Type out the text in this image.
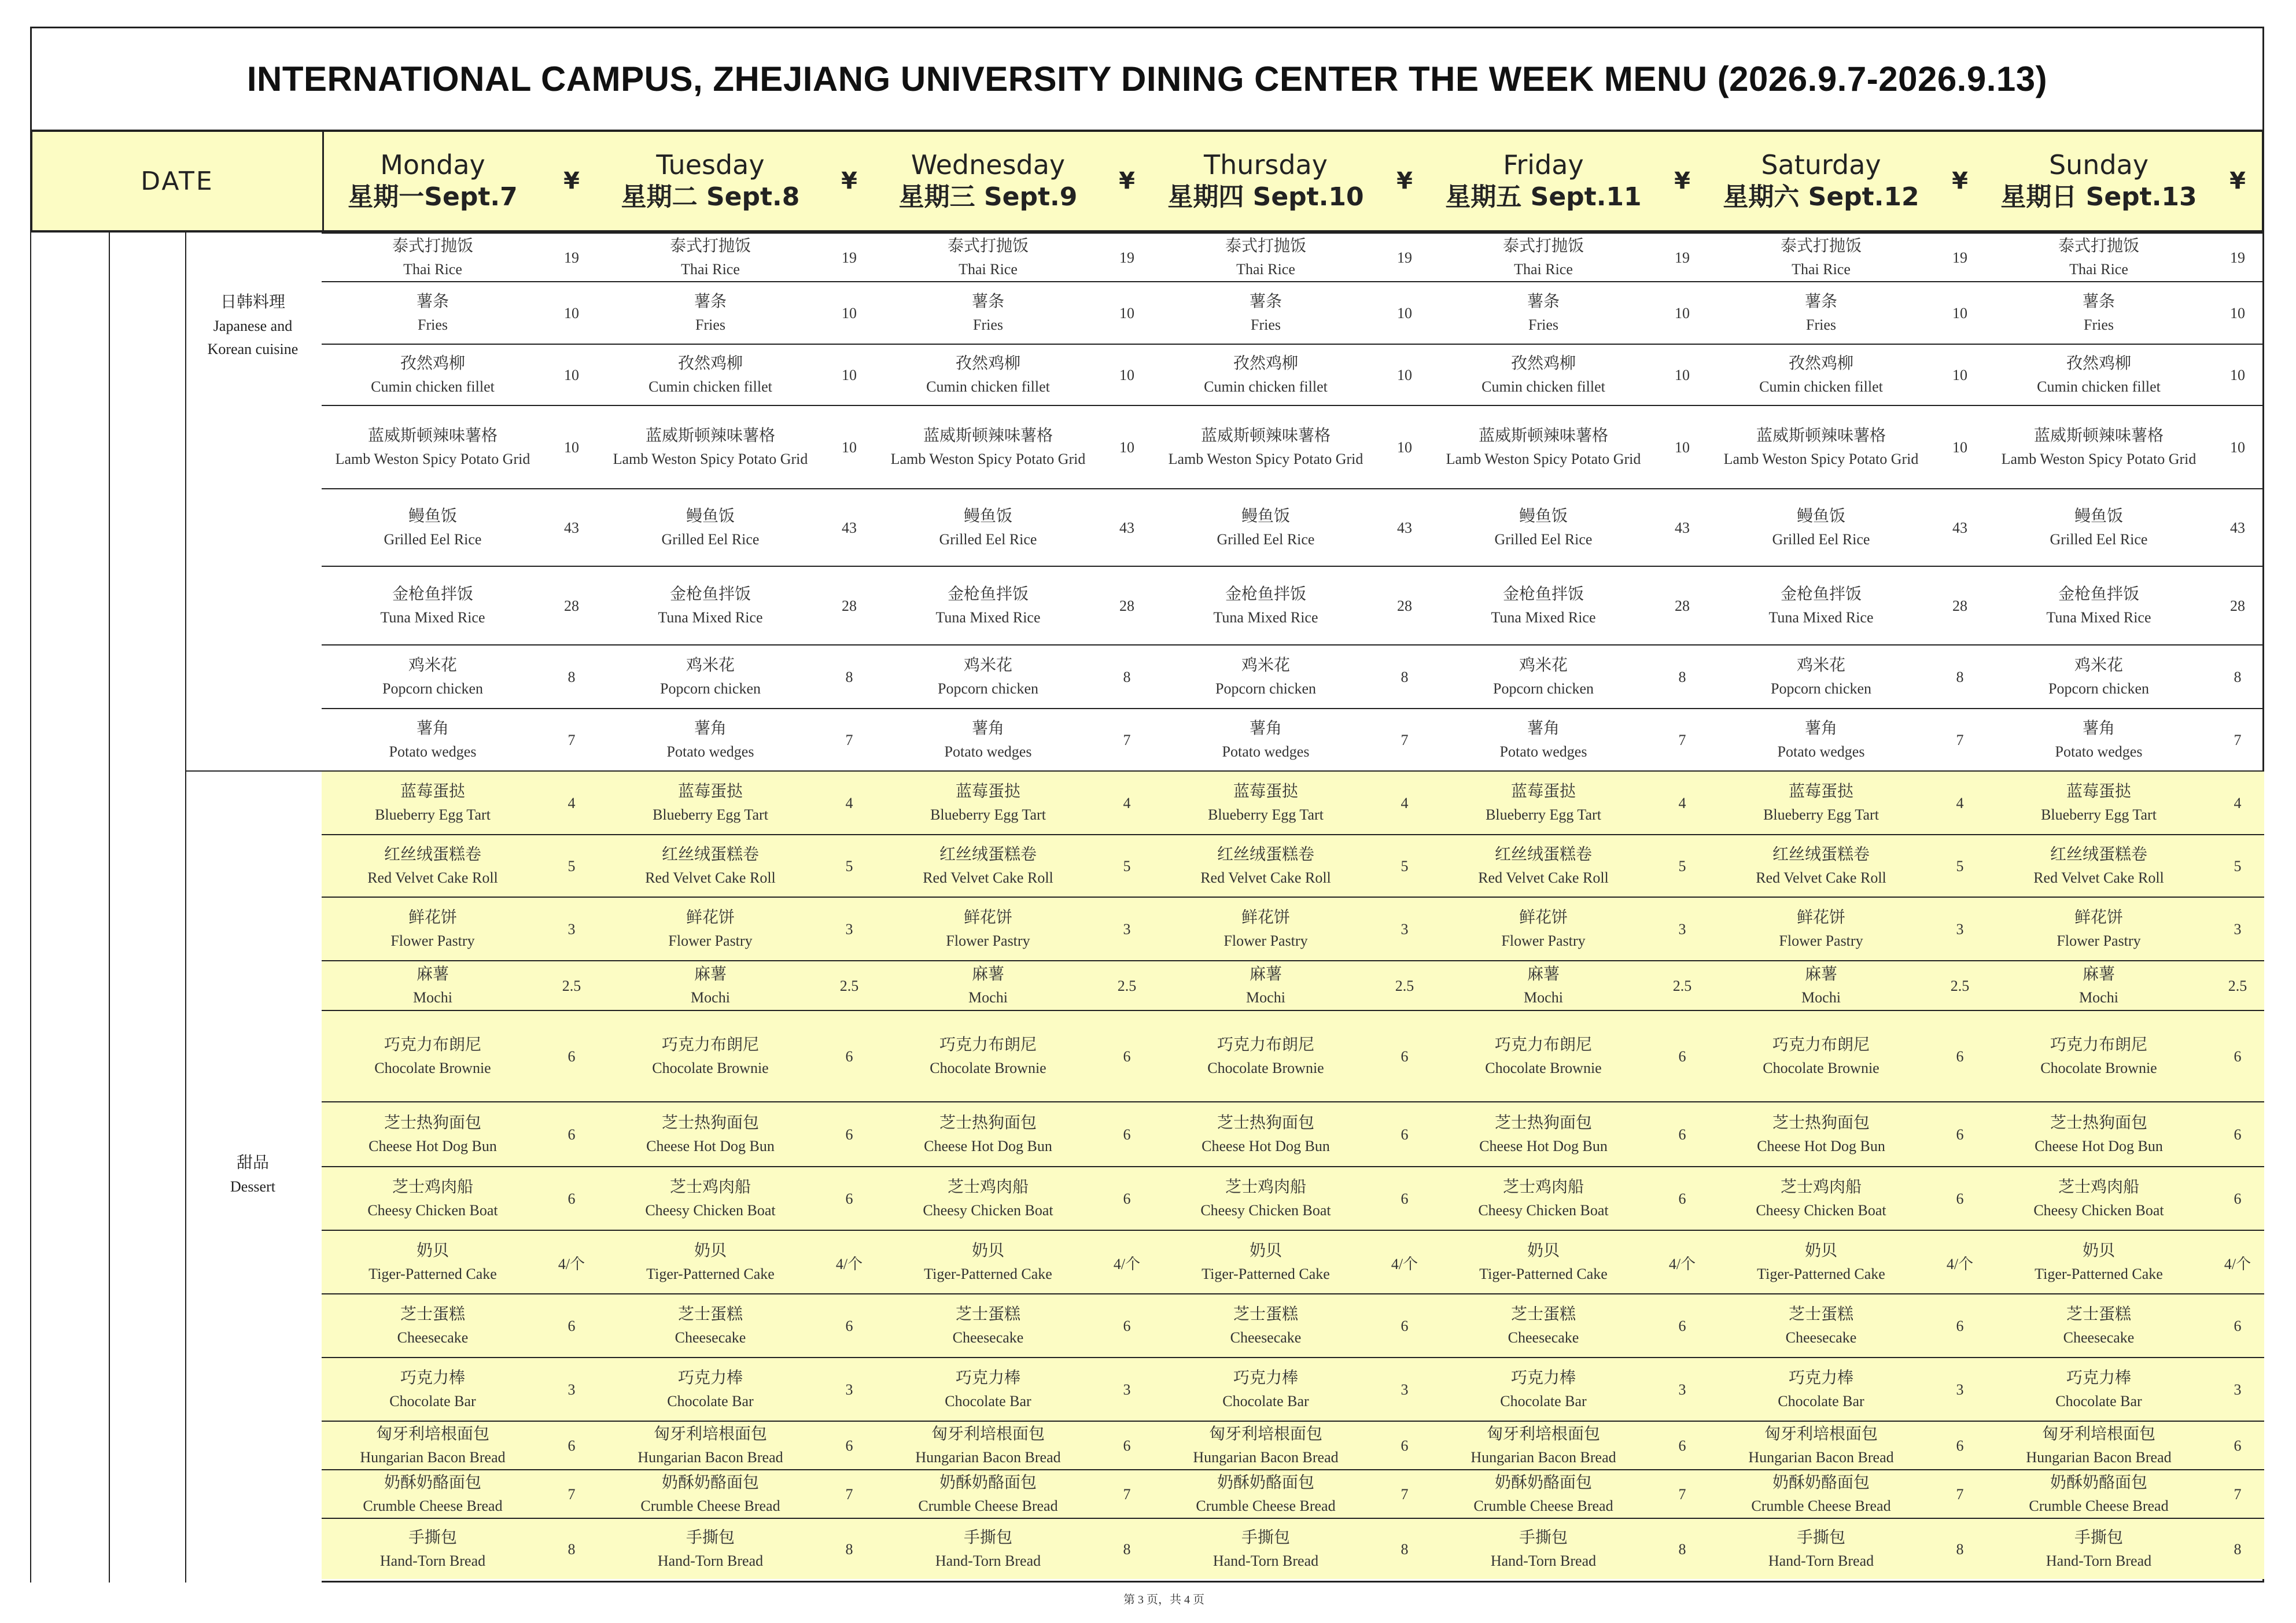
INTERNATIONAL CAMPUS, ZHEJIANG UNIVERSITY DINING CENTER THE WEEK MENU (2026.9.7-2026.9.13)
DATE
Monday
星期一Sept.7
¥
Tuesday
星期二 Sept.8
¥
Wednesday
星期三 Sept.9
¥
Thursday
星期四 Sept.10
¥
Friday
星期五 Sept.11
¥
Saturday
星期六 Sept.12
¥
Sunday
星期日 Sept.13
¥
日韩料理
Japanese and Korean cuisine
甜品
Dessert
泰式打抛饭
Thai Rice
19
泰式打抛饭
Thai Rice
19
泰式打抛饭
Thai Rice
19
泰式打抛饭
Thai Rice
19
泰式打抛饭
Thai Rice
19
泰式打抛饭
Thai Rice
19
泰式打抛饭
Thai Rice
19
薯条
Fries
10
薯条
Fries
10
薯条
Fries
10
薯条
Fries
10
薯条
Fries
10
薯条
Fries
10
薯条
Fries
10
孜然鸡柳
Cumin chicken fillet
10
孜然鸡柳
Cumin chicken fillet
10
孜然鸡柳
Cumin chicken fillet
10
孜然鸡柳
Cumin chicken fillet
10
孜然鸡柳
Cumin chicken fillet
10
孜然鸡柳
Cumin chicken fillet
10
孜然鸡柳
Cumin chicken fillet
10
蓝威斯顿辣味薯格
Lamb Weston Spicy Potato Grid
10
蓝威斯顿辣味薯格
Lamb Weston Spicy Potato Grid
10
蓝威斯顿辣味薯格
Lamb Weston Spicy Potato Grid
10
蓝威斯顿辣味薯格
Lamb Weston Spicy Potato Grid
10
蓝威斯顿辣味薯格
Lamb Weston Spicy Potato Grid
10
蓝威斯顿辣味薯格
Lamb Weston Spicy Potato Grid
10
蓝威斯顿辣味薯格
Lamb Weston Spicy Potato Grid
10
鳗鱼饭
Grilled Eel Rice
43
鳗鱼饭
Grilled Eel Rice
43
鳗鱼饭
Grilled Eel Rice
43
鳗鱼饭
Grilled Eel Rice
43
鳗鱼饭
Grilled Eel Rice
43
鳗鱼饭
Grilled Eel Rice
43
鳗鱼饭
Grilled Eel Rice
43
金枪鱼拌饭
Tuna Mixed Rice
28
金枪鱼拌饭
Tuna Mixed Rice
28
金枪鱼拌饭
Tuna Mixed Rice
28
金枪鱼拌饭
Tuna Mixed Rice
28
金枪鱼拌饭
Tuna Mixed Rice
28
金枪鱼拌饭
Tuna Mixed Rice
28
金枪鱼拌饭
Tuna Mixed Rice
28
鸡米花
Popcorn chicken
8
鸡米花
Popcorn chicken
8
鸡米花
Popcorn chicken
8
鸡米花
Popcorn chicken
8
鸡米花
Popcorn chicken
8
鸡米花
Popcorn chicken
8
鸡米花
Popcorn chicken
8
薯角
Potato wedges
7
薯角
Potato wedges
7
薯角
Potato wedges
7
薯角
Potato wedges
7
薯角
Potato wedges
7
薯角
Potato wedges
7
薯角
Potato wedges
7
蓝莓蛋挞
Blueberry Egg Tart
4
蓝莓蛋挞
Blueberry Egg Tart
4
蓝莓蛋挞
Blueberry Egg Tart
4
蓝莓蛋挞
Blueberry Egg Tart
4
蓝莓蛋挞
Blueberry Egg Tart
4
蓝莓蛋挞
Blueberry Egg Tart
4
蓝莓蛋挞
Blueberry Egg Tart
4
红丝绒蛋糕卷
Red Velvet Cake Roll
5
红丝绒蛋糕卷
Red Velvet Cake Roll
5
红丝绒蛋糕卷
Red Velvet Cake Roll
5
红丝绒蛋糕卷
Red Velvet Cake Roll
5
红丝绒蛋糕卷
Red Velvet Cake Roll
5
红丝绒蛋糕卷
Red Velvet Cake Roll
5
红丝绒蛋糕卷
Red Velvet Cake Roll
5
鲜花饼
Flower Pastry
3
鲜花饼
Flower Pastry
3
鲜花饼
Flower Pastry
3
鲜花饼
Flower Pastry
3
鲜花饼
Flower Pastry
3
鲜花饼
Flower Pastry
3
鲜花饼
Flower Pastry
3
麻薯
Mochi
2.5
麻薯
Mochi
2.5
麻薯
Mochi
2.5
麻薯
Mochi
2.5
麻薯
Mochi
2.5
麻薯
Mochi
2.5
麻薯
Mochi
2.5
巧克力布朗尼
Chocolate Brownie
6
巧克力布朗尼
Chocolate Brownie
6
巧克力布朗尼
Chocolate Brownie
6
巧克力布朗尼
Chocolate Brownie
6
巧克力布朗尼
Chocolate Brownie
6
巧克力布朗尼
Chocolate Brownie
6
巧克力布朗尼
Chocolate Brownie
6
芝士热狗面包
Cheese Hot Dog Bun
6
芝士热狗面包
Cheese Hot Dog Bun
6
芝士热狗面包
Cheese Hot Dog Bun
6
芝士热狗面包
Cheese Hot Dog Bun
6
芝士热狗面包
Cheese Hot Dog Bun
6
芝士热狗面包
Cheese Hot Dog Bun
6
芝士热狗面包
Cheese Hot Dog Bun
6
芝士鸡肉船
Cheesy Chicken Boat
6
芝士鸡肉船
Cheesy Chicken Boat
6
芝士鸡肉船
Cheesy Chicken Boat
6
芝士鸡肉船
Cheesy Chicken Boat
6
芝士鸡肉船
Cheesy Chicken Boat
6
芝士鸡肉船
Cheesy Chicken Boat
6
芝士鸡肉船
Cheesy Chicken Boat
6
奶贝
Tiger-Patterned Cake
4/个
奶贝
Tiger-Patterned Cake
4/个
奶贝
Tiger-Patterned Cake
4/个
奶贝
Tiger-Patterned Cake
4/个
奶贝
Tiger-Patterned Cake
4/个
奶贝
Tiger-Patterned Cake
4/个
奶贝
Tiger-Patterned Cake
4/个
芝士蛋糕
Cheesecake
6
芝士蛋糕
Cheesecake
6
芝士蛋糕
Cheesecake
6
芝士蛋糕
Cheesecake
6
芝士蛋糕
Cheesecake
6
芝士蛋糕
Cheesecake
6
芝士蛋糕
Cheesecake
6
巧克力棒
Chocolate Bar
3
巧克力棒
Chocolate Bar
3
巧克力棒
Chocolate Bar
3
巧克力棒
Chocolate Bar
3
巧克力棒
Chocolate Bar
3
巧克力棒
Chocolate Bar
3
巧克力棒
Chocolate Bar
3
匈牙利培根面包
Hungarian Bacon Bread
6
匈牙利培根面包
Hungarian Bacon Bread
6
匈牙利培根面包
Hungarian Bacon Bread
6
匈牙利培根面包
Hungarian Bacon Bread
6
匈牙利培根面包
Hungarian Bacon Bread
6
匈牙利培根面包
Hungarian Bacon Bread
6
匈牙利培根面包
Hungarian Bacon Bread
6
奶酥奶酪面包
Crumble Cheese Bread
7
奶酥奶酪面包
Crumble Cheese Bread
7
奶酥奶酪面包
Crumble Cheese Bread
7
奶酥奶酪面包
Crumble Cheese Bread
7
奶酥奶酪面包
Crumble Cheese Bread
7
奶酥奶酪面包
Crumble Cheese Bread
7
奶酥奶酪面包
Crumble Cheese Bread
7
手撕包
Hand-Torn Bread
8
手撕包
Hand-Torn Bread
8
手撕包
Hand-Torn Bread
8
手撕包
Hand-Torn Bread
8
手撕包
Hand-Torn Bread
8
手撕包
Hand-Torn Bread
8
手撕包
Hand-Torn Bread
8
第 3 页，共 4 页
